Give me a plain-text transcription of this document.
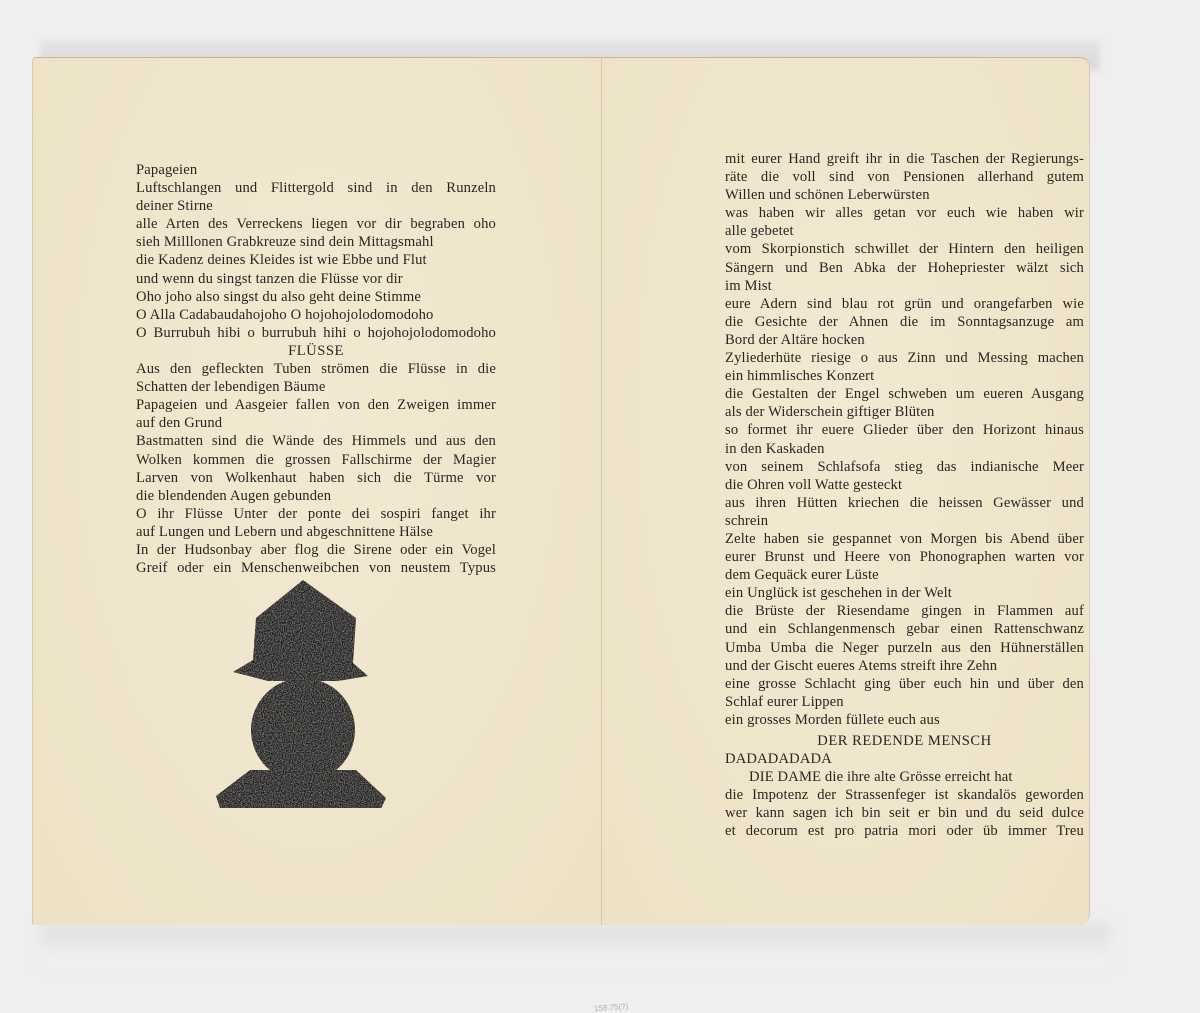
Papageien
Luftschlangen und Flittergold sind in den Runzeln
deiner Stirne
alle Arten des Verreckens liegen vor dir begraben oho
sieh Milllonen Grabkreuze sind dein Mittagsmahl
die Kadenz deines Kleides ist wie Ebbe und Flut
und wenn du singst tanzen die Flüsse vor dir
Oho joho also singst du also geht deine Stimme
O Alla Cadabaudahojoho O hojohojolodomodoho
O Burrubuh hibi o burrubuh hihi o hojohojolodomodoho
FLÜSSE
Aus den gefleckten Tuben strömen die Flüsse in die
Schatten der lebendigen Bäume
Papageien und Aasgeier fallen von den Zweigen immer
auf den Grund
Bastmatten sind die Wände des Himmels und aus den
Wolken kommen die grossen Fallschirme der Magier
Larven von Wolkenhaut haben sich die Türme vor
die blendenden Augen gebunden
O ihr Flüsse Unter der ponte dei sospiri fanget ihr
auf Lungen und Lebern und abgeschnittene Hälse
In der Hudsonbay aber flog die Sirene oder ein Vogel
Greif oder ein Menschenweibchen von neustem Typus
158.75(?)
mit eurer Hand greift ihr in die Taschen der Regierungs-
räte die voll sind von Pensionen allerhand gutem
Willen und schönen Leberwürsten
was haben wir alles getan vor euch wie haben wir
alle gebetet
vom Skorpionstich schwillet der Hintern den heiligen
Sängern und Ben Abka der Hohepriester wälzt sich
im Mist
eure Adern sind blau rot grün und orangefarben wie
die Gesichte der Ahnen die im Sonntagsanzuge am
Bord der Altäre hocken
Zyliederhüte riesige o aus Zinn und Messing machen
ein himmlisches Konzert
die Gestalten der Engel schweben um eueren Ausgang
als der Widerschein giftiger Blüten
so formet ihr euere Glieder über den Horizont hinaus
in den Kaskaden
von seinem Schlafsofa stieg das indianische Meer
die Ohren voll Watte gesteckt
aus ihren Hütten kriechen die heissen Gewässer und
schrein
Zelte haben sie gespannet von Morgen bis Abend über
eurer Brunst und Heere von Phonographen warten vor
dem Gequäck eurer Lüste
ein Unglück ist geschehen in der Welt
die Brüste der Riesendame gingen in Flammen auf
und ein Schlangenmensch gebar einen Rattenschwanz
Umba Umba die Neger purzeln aus den Hühnerställen
und der Gischt eueres Atems streift ihre Zehn
eine grosse Schlacht ging über euch hin und über den
Schlaf eurer Lippen
ein grosses Morden füllete euch aus
DER REDENDE MENSCH
DADADADADA
DIE DAME die ihre alte Grösse erreicht hat
die Impotenz der Strassenfeger ist skandalös geworden
wer kann sagen ich bin seit er bin und du seid dulce
et decorum est pro patria mori oder üb immer Treu
